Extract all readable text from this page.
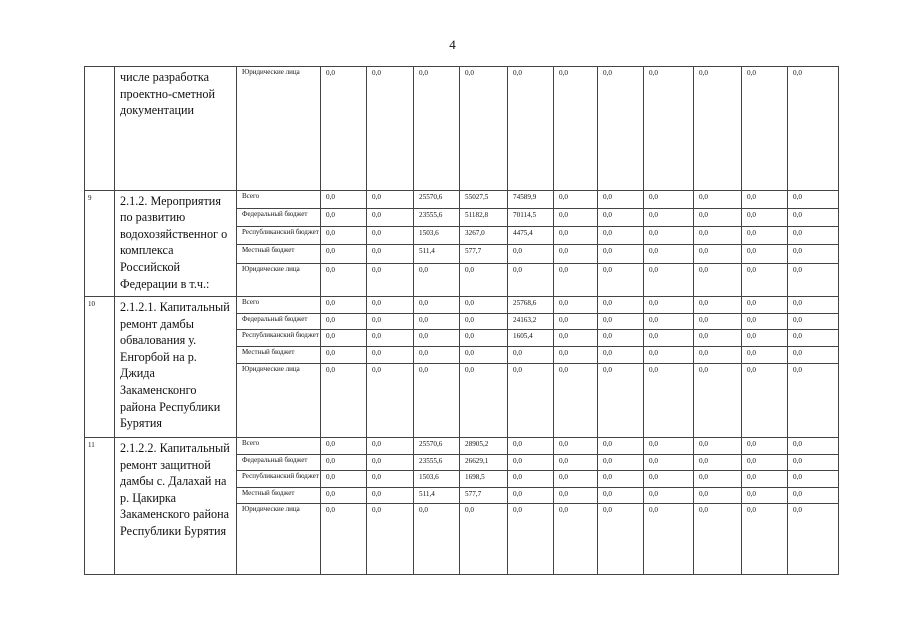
4
	числе разработка проектно-сметной документации	Юридические лица	0,0	0,0	0,0	0,0	0,0	0,0	0,0	0,0	0,0	0,0	0,0
9	2.1.2. Мероприятия по развитию водохозяйственног о комплекса Российской Федерации в т.ч.:	Всего	0,0	0,0	25570,6	55027,5	74589,9	0,0	0,0	0,0	0,0	0,0	0,0
		Федеральный бюджет	0,0	0,0	23555,6	51182,8	70114,5	0,0	0,0	0,0	0,0	0,0	0,0
		Республиканский бюджет	0,0	0,0	1503,6	3267,0	4475,4	0,0	0,0	0,0	0,0	0,0	0,0
		Местный бюджет	0,0	0,0	511,4	577,7	0,0	0,0	0,0	0,0	0,0	0,0	0,0
		Юридические лица	0,0	0,0	0,0	0,0	0,0	0,0	0,0	0,0	0,0	0,0	0,0
10	2.1.2.1. Капитальный ремонт дамбы обвалования у. Енгорбой на р. Джида Закаменсконго района Республики Бурятия	Всего	0,0	0,0	0,0	0,0	25768,6	0,0	0,0	0,0	0,0	0,0	0,0
		Федеральный бюджет	0,0	0,0	0,0	0,0	24163,2	0,0	0,0	0,0	0,0	0,0	0,0
		Республиканский бюджет	0,0	0,0	0,0	0,0	1605,4	0,0	0,0	0,0	0,0	0,0	0,0
		Местный бюджет	0,0	0,0	0,0	0,0	0,0	0,0	0,0	0,0	0,0	0,0	0,0
		Юридические лица	0,0	0,0	0,0	0,0	0,0	0,0	0,0	0,0	0,0	0,0	0,0
11	2.1.2.2. Капитальный ремонт защитной дамбы с. Далахай на р. Цакирка Закаменского района Республики Бурятия	Всего	0,0	0,0	25570,6	28905,2	0,0	0,0	0,0	0,0	0,0	0,0	0,0
		Федеральный бюджет	0,0	0,0	23555,6	26629,1	0,0	0,0	0,0	0,0	0,0	0,0	0,0
		Республиканский бюджет	0,0	0,0	1503,6	1698,5	0,0	0,0	0,0	0,0	0,0	0,0	0,0
		Местный бюджет	0,0	0,0	511,4	577,7	0,0	0,0	0,0	0,0	0,0	0,0	0,0
		Юридические лица	0,0	0,0	0,0	0,0	0,0	0,0	0,0	0,0	0,0	0,0	0,0
